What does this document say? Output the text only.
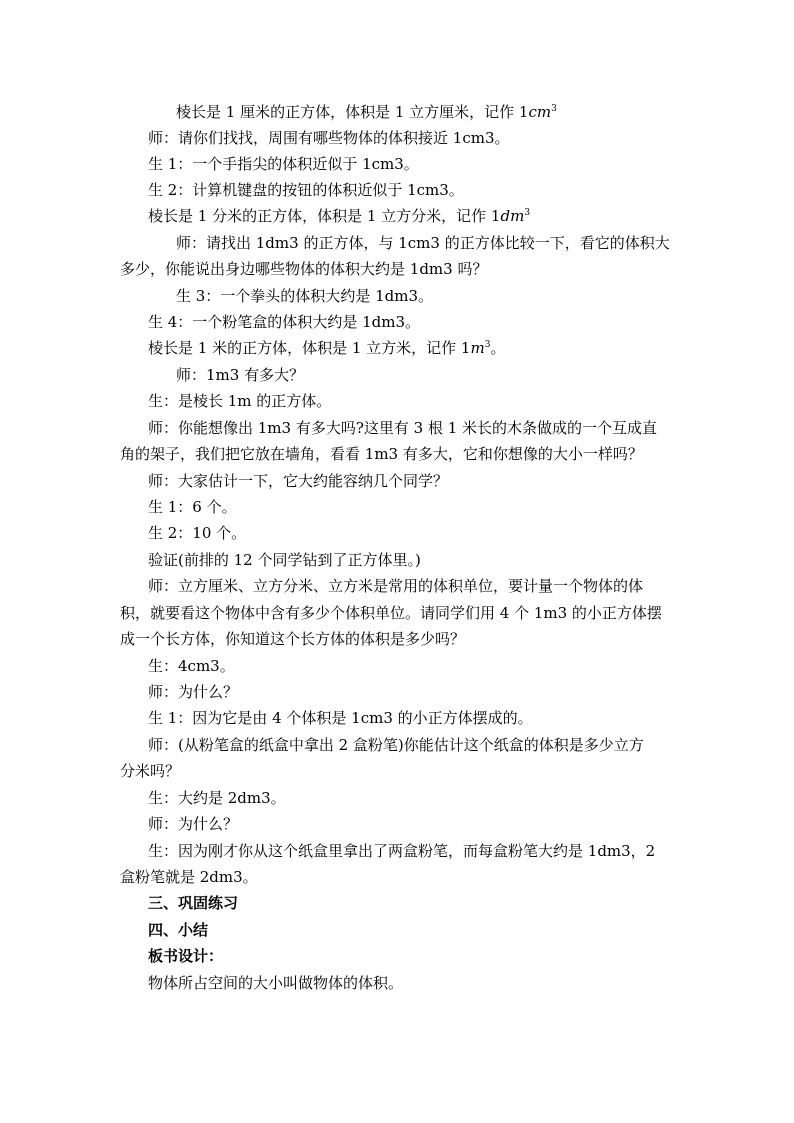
棱长是 1 厘米的正方体，体积是 1 立方厘米，记作 $1cm^3$
师：请你们找找，周围有哪些物体的体积接近 1cm3。
生 1：一个手指尖的体积近似于 1cm3。
生 2：计算机键盘的按钮的体积近似于 1cm3。
棱长是 1 分米的正方体，体积是 1 立方分米，记作 $1dm^3$
师：请找出 1dm3 的正方体，与 1cm3 的正方体比较一下，看它的体积大
多少，你能说出身边哪些物体的体积大约是 1dm3 吗？
生 3：一个拳头的体积大约是 1dm3。
生 4：一个粉笔盒的体积大约是 1dm3。
棱长是 1 米的正方体，体积是 1 立方米，记作 $1m^3$。
师：1m3 有多大？
生：是棱长 1m 的正方体。
师：你能想像出 1m3 有多大吗?这里有 3 根 1 米长的木条做成的一个互成直
角的架子，我们把它放在墙角，看看 1m3 有多大，它和你想像的大小一样吗？
师：大家估计一下，它大约能容纳几个同学？
生 1：6 个。
生 2：10 个。
验证(前排的 12 个同学钻到了正方体里。)
师：立方厘米、立方分米、立方米是常用的体积单位，要计量一个物体的体
积，就要看这个物体中含有多少个体积单位。请同学们用 4 个 1m3 的小正方体摆
成一个长方体，你知道这个长方体的体积是多少吗？
生：4cm3。
师：为什么？
生 1：因为它是由 4 个体积是 1cm3 的小正方体摆成的。
师：(从粉笔盒的纸盒中拿出 2 盒粉笔)你能估计这个纸盒的体积是多少立方
分米吗？
生：大约是 2dm3。
师：为什么？
生：因为刚才你从这个纸盒里拿出了两盒粉笔，而每盒粉笔大约是 1dm3，2
盒粉笔就是 2dm3。
三、巩固练习
四、小结
板书设计：
物体所占空间的大小叫做物体的体积。
